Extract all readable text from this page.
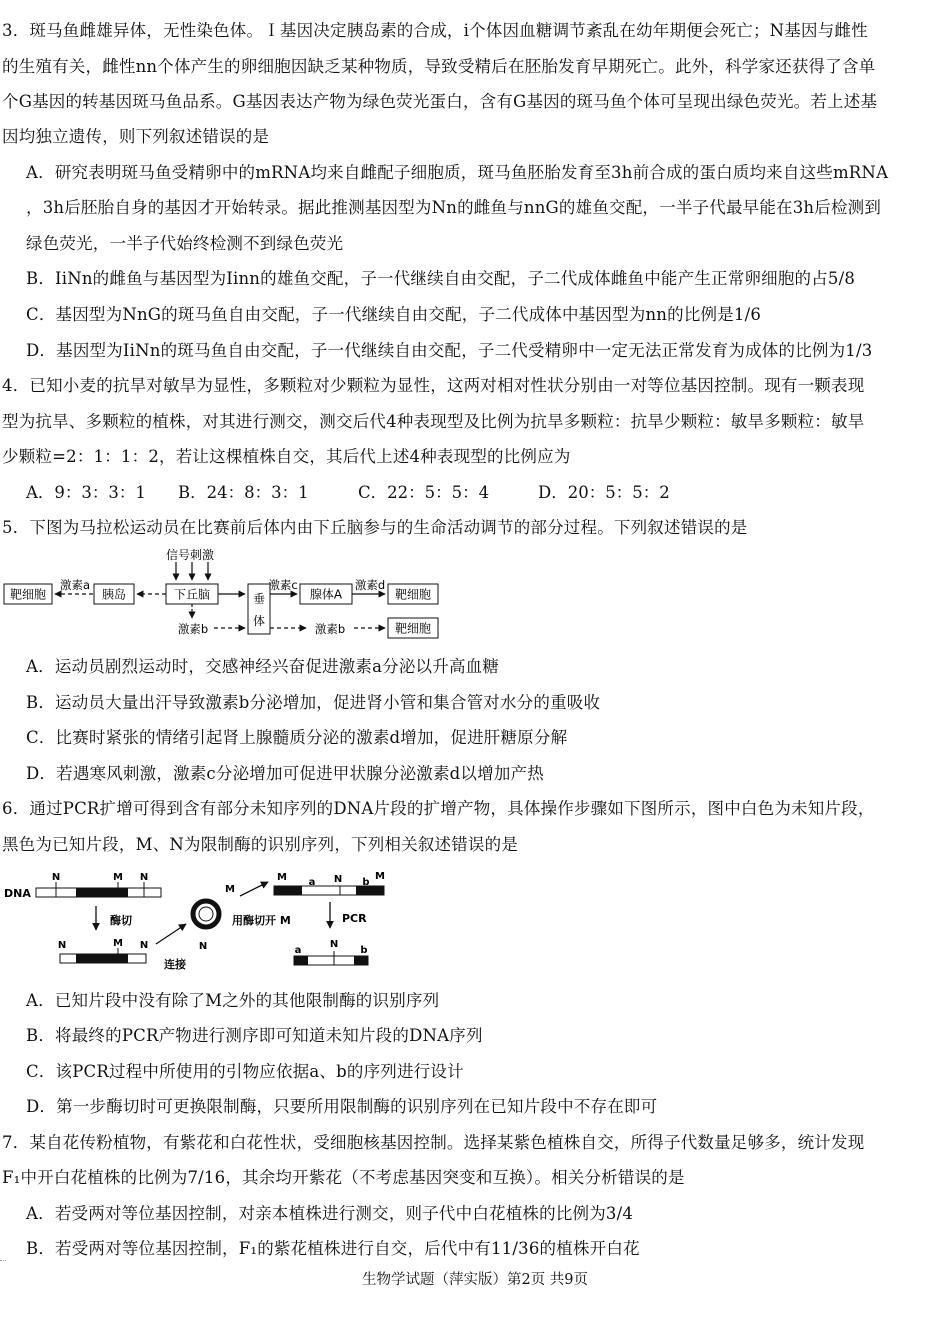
3．斑马鱼雌雄异体，无性染色体。Ｉ基因决定胰岛素的合成，i个体因血糖调节紊乱在幼年期便会死亡；N基因与雌性
的生殖有关，雌性nn个体产生的卵细胞因缺乏某种物质，导致受精后在胚胎发育早期死亡。此外，科学家还获得了含单
个G基因的转基因斑马鱼品系。G基因表达产物为绿色荧光蛋白，含有G基因的斑马鱼个体可呈现出绿色荧光。若上述基
因均独立遗传，则下列叙述错误的是
A．研究表明斑马鱼受精卵中的mRNA均来自雌配子细胞质，斑马鱼胚胎发育至3h前合成的蛋白质均来自这些mRNA
，3h后胚胎自身的基因才开始转录。据此推测基因型为Nn的雌鱼与nnG的雄鱼交配，一半子代最早能在3h后检测到
绿色荧光，一半子代始终检测不到绿色荧光
B．IiNn的雌鱼与基因型为Iinn的雄鱼交配，子一代继续自由交配，子二代成体雌鱼中能产生正常卵细胞的占5/8
C．基因型为NnG的斑马鱼自由交配，子一代继续自由交配，子二代成体中基因型为nn的比例是1/6
D．基因型为IiNn的斑马鱼自由交配，子一代继续自由交配，子二代受精卵中一定无法正常发育为成体的比例为1/3
4．已知小麦的抗旱对敏旱为显性，多颗粒对少颗粒为显性，这两对相对性状分别由一对等位基因控制。现有一颗表现
型为抗旱、多颗粒的植株，对其进行测交，测交后代4种表现型及比例为抗旱多颗粒：抗旱少颗粒：敏旱多颗粒：敏旱
少颗粒=2：1：1：2，若让这棵植株自交，其后代上述4种表现型的比例应为
A．9：3：3：1	B．24：8：3：1	C．22：5：5：4	D．20：5：5：2
5．下图为马拉松运动员在比赛前后体内由下丘脑参与的生命活动调节的部分过程。下列叙述错误的是
信号刺激
靶细胞
激素a
胰岛	下丘脑	垂体
激素c
腺体A
激素d
靶细胞
激素b	激素b	靶细胞
A．运动员剧烈运动时，交感神经兴奋促进激素a分泌以升高血糖
B．运动员大量出汗导致激素b分泌增加，促进肾小管和集合管对水分的重吸收
C．比赛时紧张的情绪引起肾上腺髓质分泌的激素d增加，促进肝糖原分解
D．若遇寒风刺激，激素c分泌增加可促进甲状腺分泌激素d以增加产热
6．通过PCR扩增可得到含有部分未知序列的DNA片段的扩增产物，具体操作步骤如下图所示，图中白色为未知片段，
黑色为已知片段，M、N为限制酶的识别序列，下列相关叙述错误的是
DNA
N	M N
酶切
N	M N
连接
M
N
用酶切开 M
M a N b
M
PCR
a
N
b
A．已知片段中没有除了M之外的其他限制酶的识别序列
B．将最终的PCR产物进行测序即可知道未知片段的DNA序列
C．该PCR过程中所使用的引物应依据a、b的序列进行设计
D．第一步酶切时可更换限制酶，只要所用限制酶的识别序列在已知片段中不存在即可
7．某自花传粉植物，有紫花和白花性状，受细胞核基因控制。选择某紫色植株自交，所得子代数量足够多，统计发现
F₁中开白花植株的比例为7/16，其余均开紫花（不考虑基因突变和互换）。相关分析错误的是
A．若受两对等位基因控制，对亲本植株进行测交，则子代中白花植株的比例为3/4
B．若受两对等位基因控制，F₁的紫花植株进行自交，后代中有11/36的植株开白花
生物学试题（萍实版）第2页 共9页
